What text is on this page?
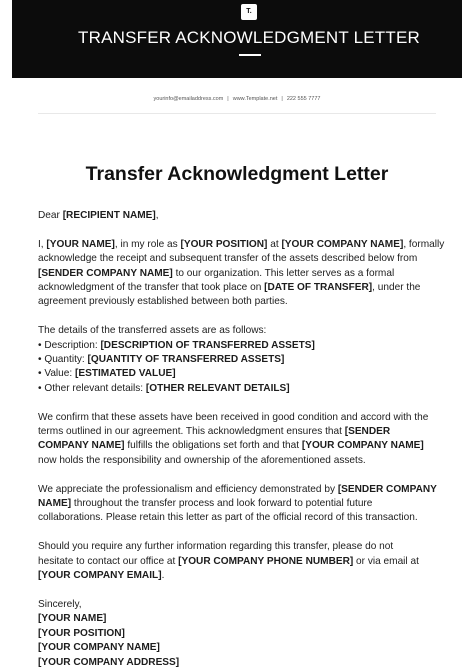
T.
TRANSFER ACKNOWLEDGMENT LETTER
yourinfo@emailaddress.com | www.Template.net | 222 555 7777
Transfer Acknowledgment Letter

Dear [RECIPIENT NAME],

I, [YOUR NAME], in my role as [YOUR POSITION] at [YOUR COMPANY NAME], formally
acknowledge the receipt and subsequent transfer of the assets described below from
[SENDER COMPANY NAME] to our organization. This letter serves as a formal
acknowledgment of the transfer that took place on [DATE OF TRANSFER], under the
agreement previously established between both parties.

The details of the transferred assets are as follows:
• Description: [DESCRIPTION OF TRANSFERRED ASSETS]
• Quantity: [QUANTITY OF TRANSFERRED ASSETS]
• Value: [ESTIMATED VALUE]
• Other relevant details: [OTHER RELEVANT DETAILS]

We confirm that these assets have been received in good condition and accord with the
terms outlined in our agreement. This acknowledgment ensures that [SENDER
COMPANY NAME] fulfills the obligations set forth and that [YOUR COMPANY NAME]
now holds the responsibility and ownership of the aforementioned assets.

We appreciate the professionalism and efficiency demonstrated by [SENDER COMPANY
NAME] throughout the transfer process and look forward to potential future
collaborations. Please retain this letter as part of the official record of this transaction.

Should you require any further information regarding this transfer, please do not
hesitate to contact our office at [YOUR COMPANY PHONE NUMBER] or via email at
[YOUR COMPANY EMAIL].

Sincerely,
[YOUR NAME]
[YOUR POSITION]
[YOUR COMPANY NAME]
[YOUR COMPANY ADDRESS]
